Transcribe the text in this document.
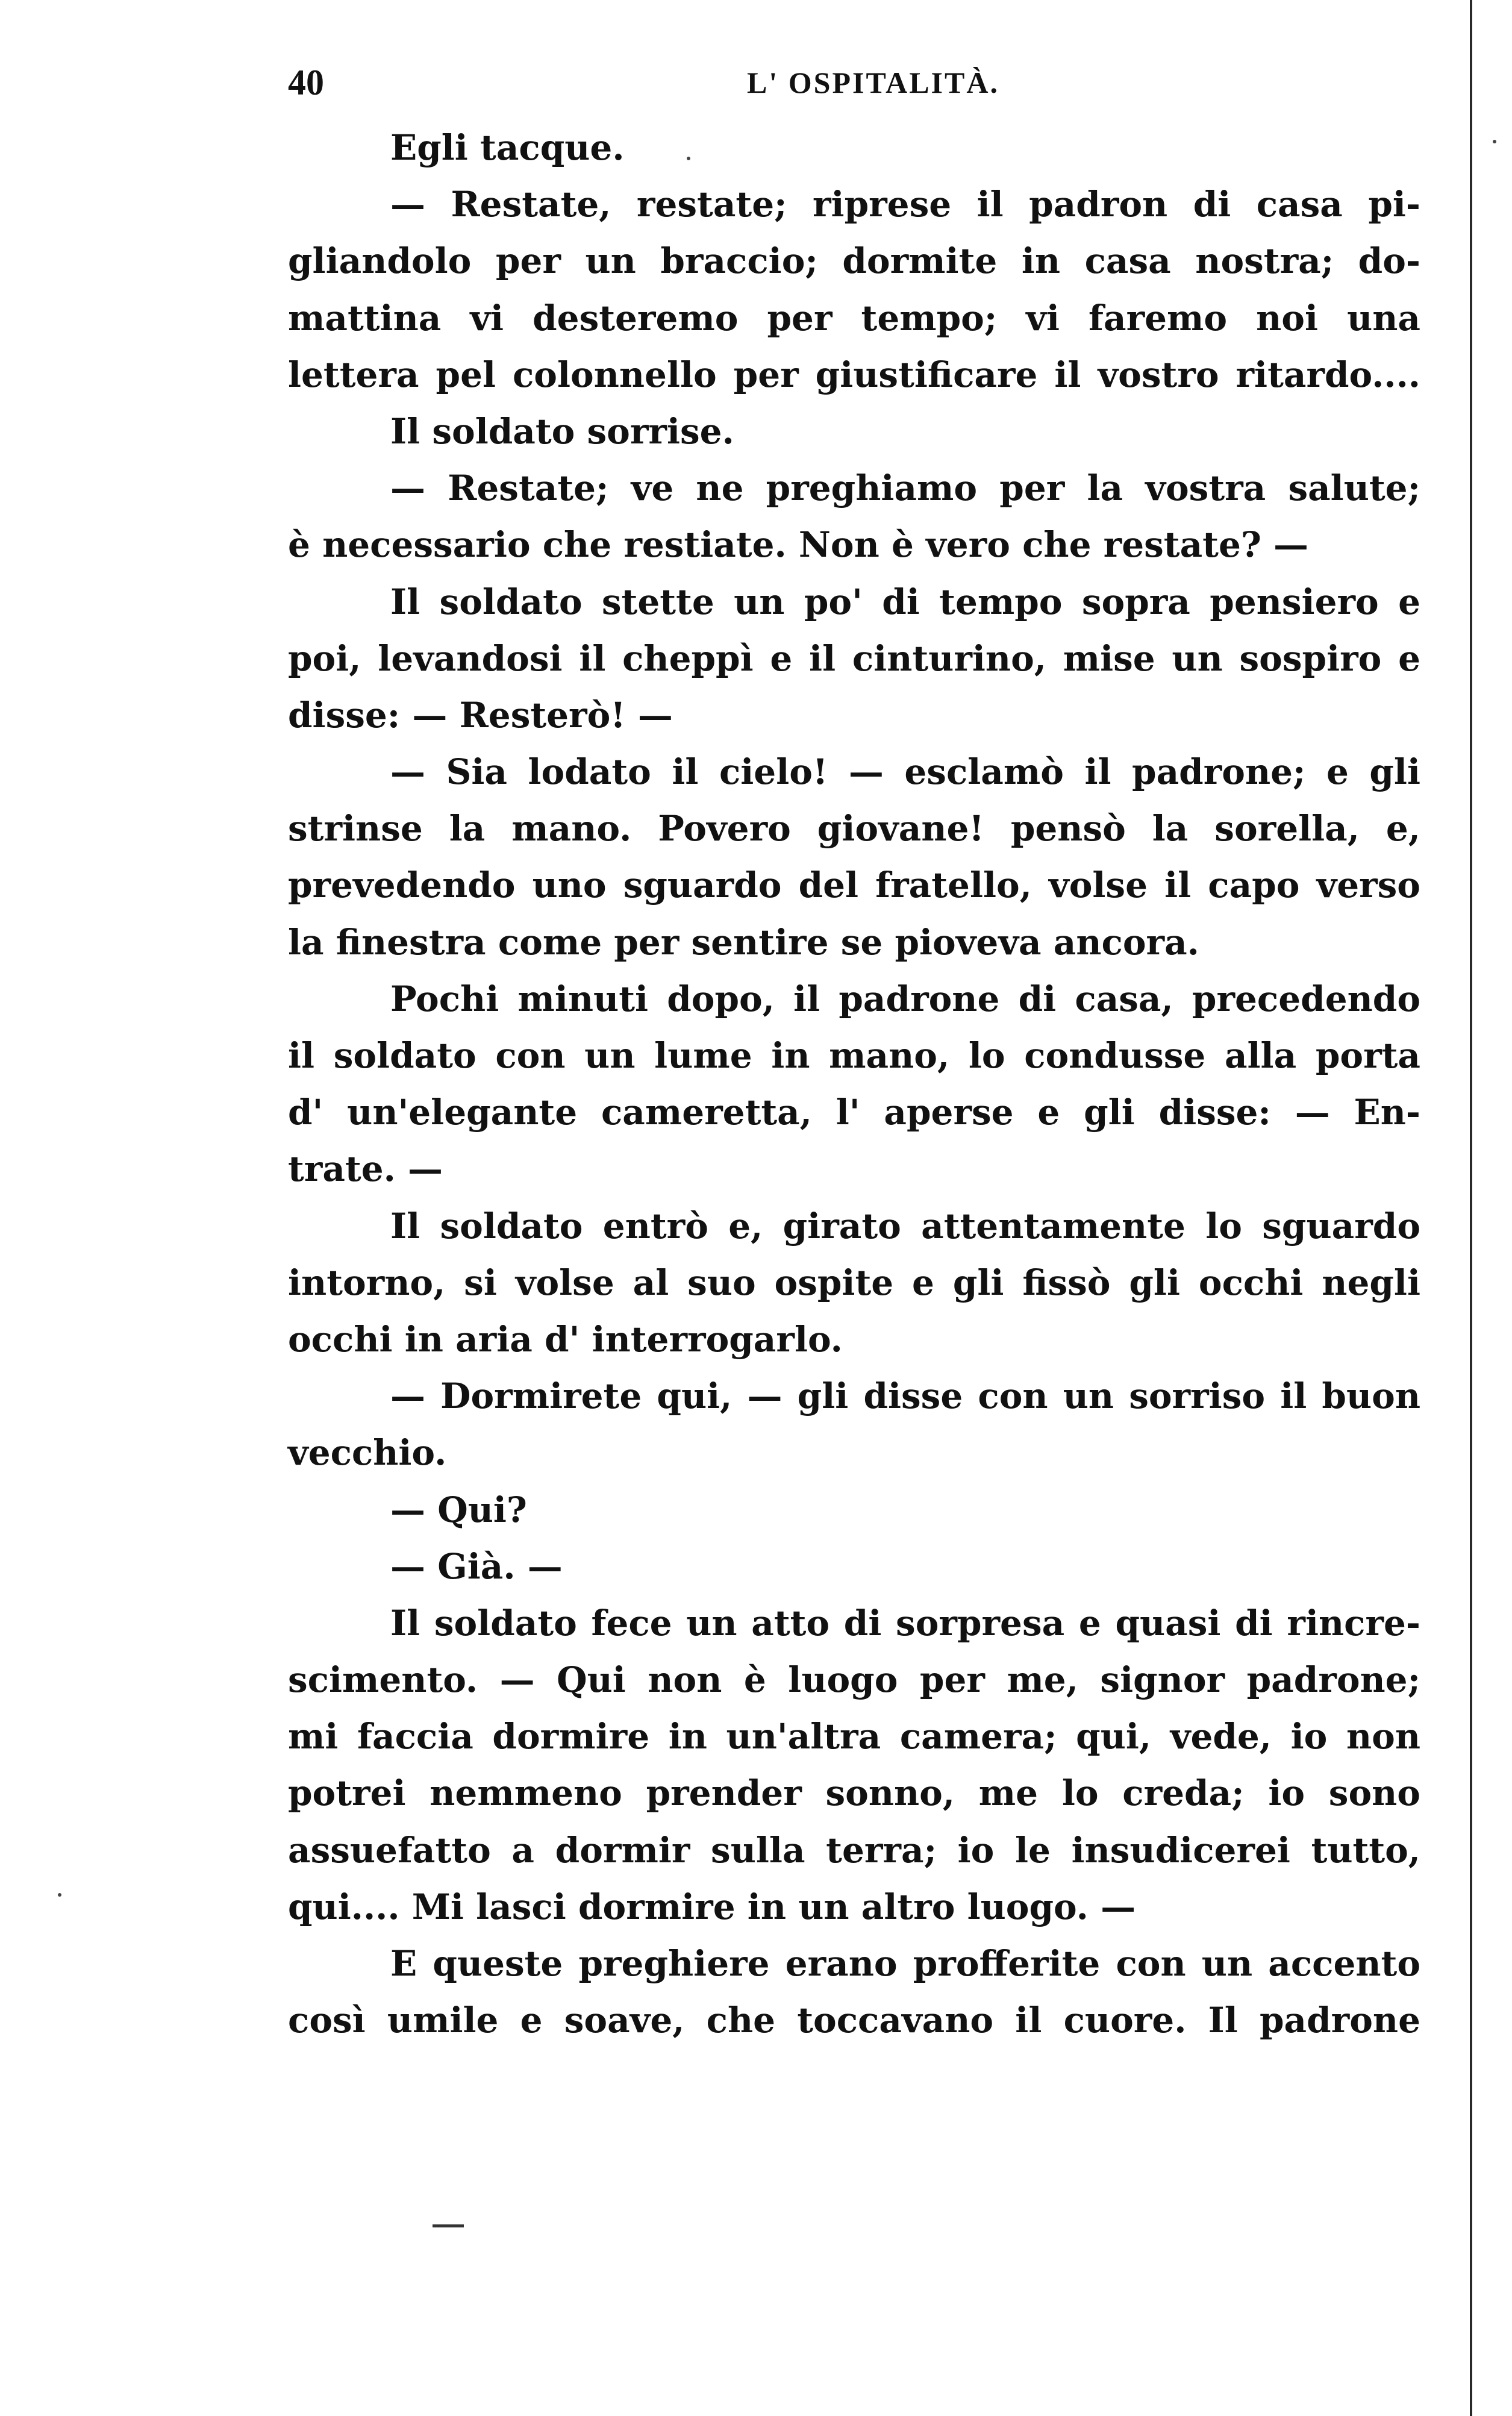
40	L' OSPITALITÀ.
Egli tacque.
— Restate, restate; riprese il padron di casa pi-
gliandolo per un braccio; dormite in casa nostra; do-
mattina vi desteremo per tempo; vi faremo noi una
lettera pel colonnello per giustificare il vostro ritardo....
Il soldato sorrise.
— Restate; ve ne preghiamo per la vostra salute;
è necessario che restiate. Non è vero che restate? —
Il soldato stette un po' di tempo sopra pensiero e
poi, levandosi il cheppì e il cinturino, mise un sospiro e
disse: — Resterò! —
— Sia lodato il cielo! — esclamò il padrone; e gli
strinse la mano. Povero giovane! pensò la sorella, e,
prevedendo uno sguardo del fratello, volse il capo verso
la finestra come per sentire se pioveva ancora.
Pochi minuti dopo, il padrone di casa, precedendo
il soldato con un lume in mano, lo condusse alla porta
d' un'elegante cameretta, l' aperse e gli disse: — En-
trate. —
Il soldato entrò e, girato attentamente lo sguardo
intorno, si volse al suo ospite e gli fissò gli occhi negli
occhi in aria d' interrogarlo.
— Dormirete qui, — gli disse con un sorriso il buon
vecchio.
— Qui?
— Già. —
Il soldato fece un atto di sorpresa e quasi di rincre-
scimento. — Qui non è luogo per me, signor padrone;
mi faccia dormire in un'altra camera; qui, vede, io non
potrei nemmeno prender sonno, me lo creda; io sono
assuefatto a dormir sulla terra; io le insudicerei tutto,
qui.... Mi lasci dormire in un altro luogo. —
E queste preghiere erano profferite con un accento
così umile e soave, che toccavano il cuore. Il padrone
